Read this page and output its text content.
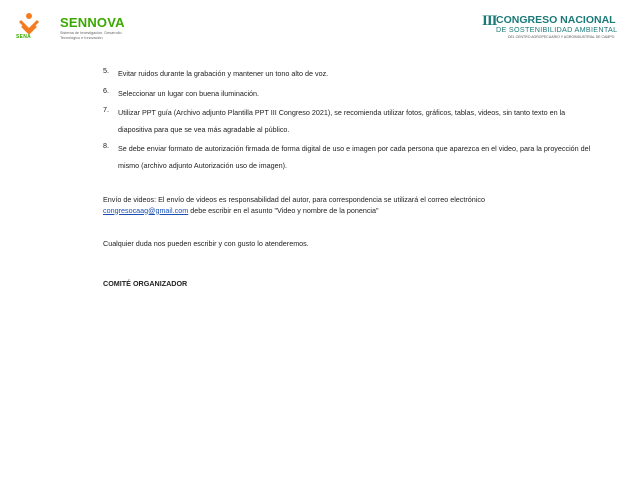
SENA
SENNOVA
Sistema de Investigación, Desarrollo Tecnológico e Innovación
III CONGRESO NACIONAL
DE SOSTENIBILIDAD AMBIENTAL
DEL CENTRO AGROPECUARIO Y AGROINDUSTRIAL DE CAMPO
5. Evitar ruidos durante la grabación y mantener un tono alto de voz.
6. Seleccionar un lugar con buena iluminación.
7. Utilizar PPT guía (Archivo adjunto Plantilla PPT III Congreso 2021), se recomienda utilizar fotos, gráficos, tablas, videos, sin tanto texto en la diapositiva para que se vea más agradable al público.
8. Se debe enviar formato de autorización firmada de forma digital de uso e imagen por cada persona que aparezca en el video, para la proyección del mismo (archivo adjunto Autorización uso de imagen).
Envío de videos: El envío de videos es responsabilidad del autor, para correspondencia se utilizará el correo electrónico
congresocaag@gmail.com debe escribir en el asunto "Video y nombre de la ponencia"
Cualquier duda nos pueden escribir y con gusto lo atenderemos.
COMITÉ ORGANIZADOR
